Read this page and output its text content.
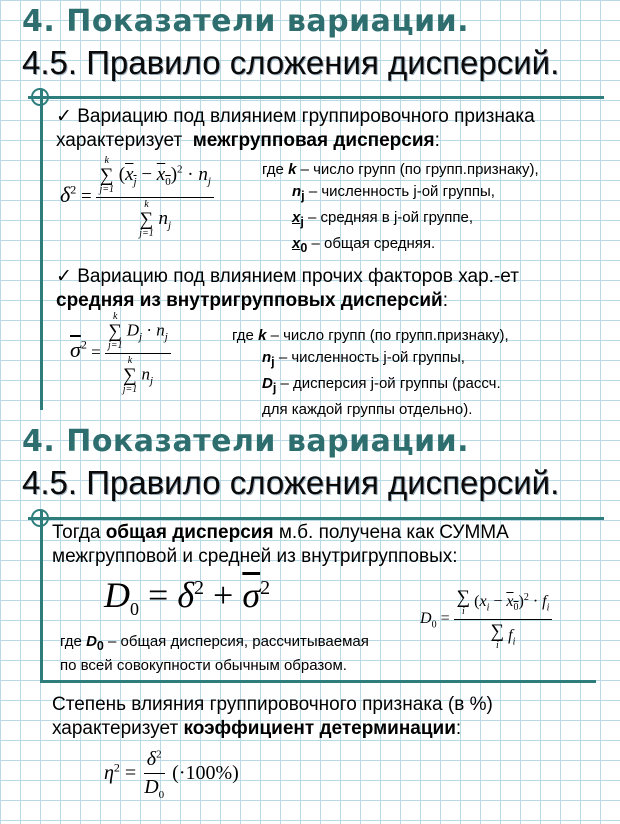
4. Показатели вариации.
4.5. Правило сложения дисперсий.
✓ Вариацию под влиянием группировочного признака
характеризует межгрупповая дисперсия:
$\delta^2 = k$
∑
j=1
$(x_j - x_0)^2 \cdot n_j$
k
∑
j=1
$n_j$	где k – число групп (по групп.признаку),
$n_j$ – численность j-ой группы,
$x_j$ – средняя в j-ой группе,
$x_0$ – общая средняя.
✓ Вариацию под влиянием прочих факторов хар.-ет
средняя из внутригрупповых дисперсий:
$\overline{\sigma}^2 = k$
∑
j=1
$D_j \cdot n_j$
k
∑
j=1
$n_j$	где k – число групп (по групп.признаку),
$n_j$ – численность j-ой группы,
$D_j$ – дисперсия j-ой группы (рассч.
для каждой группы отдельно).
4. Показатели вариации.
4.5. Правило сложения дисперсий.
Тогда общая дисперсия м.б. получена как СУММА
межгрупповой и средней из внутригрупповых:
$D_0 = \delta^2 + \overline{\sigma}^2$
$D_0$ = ∑
i
$(x_i - x_0)^2 \cdot f_i$
∑
i
$f_i$
где $D_0$ – общая дисперсия, рассчитываемая
по всей совокупности обычным образом.
Степень влияния группировочного признака (в %)
характеризует коэффициент детерминации:
$\eta^2 = \frac{\delta^2}{D_0} (\cdot 100\%)$
